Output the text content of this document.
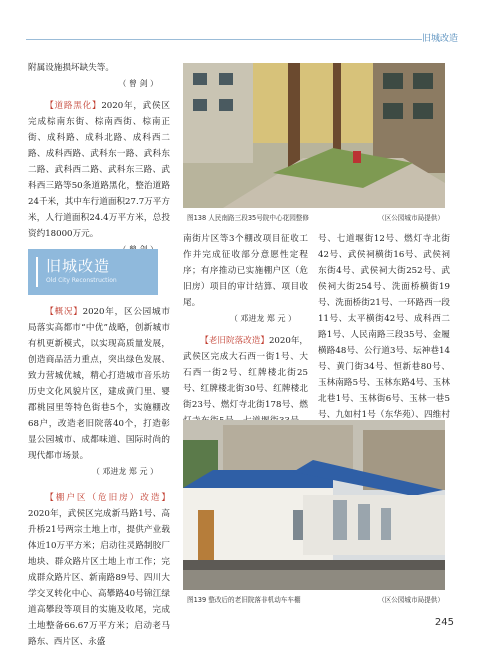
旧城改造

附属设施损坏缺失等。

（ 曾 剑 ）

【道路黑化】2020年，武侯区完成棕南东街、棕南西街、棕南正街、成科路、成科北路、成科西二路、成科西路、武科东一路、武科东二路、武科西二路、武科东三路、武科西三路等50条道路黑化，整治道路24千米，其中车行道面积27.7万平方米，人行道面积24.4万平方米，总投资约18000万元。

旧城改造
Old City Reconstruction

【概况】2020年，区公园城市局落实高都市“中优”战略，创新城市有机更新模式，以实现高质量发展，创造商品活力重点，突出绿色发展、致力营城优城，精心打造城市音乐坊历史文化风貌片区，建成黄门里、婴郡桃园里等特色街巷5个，实施棚改68户，改造老旧院落40个，打造彰显公园城市、成都味道、国际时尚的现代都市场景。

（ 邓进龙 郑 元 ）

【棚户区（危旧房）改造】2020年，武侯区完成新马路1号、高升桥21号两宗土地上市，提供产业载体近10万平方米；启动往灵路制胶厂地块、群众路片区土地上市工作；完成群众路片区、新南路89号、四川大学交叉转化中心、高攀路40号锦江绿道高攀段等项目的实施及收尾，完成土地整备66.67万平方米；启动老马路东、西片区、永盛

图138 人民南路三段35号院中心花园整修	（区公园城市局提供）

南街片区等3个棚改项目征收工作并完成征收部分意愿性定程序；有序推动已实施棚户区（危旧房）项目的审计结算、项目收尾。

（ 邓进龙 郑 元 ）

【老旧院落改造】2020年，武侯区完成大石西一街1号、大石西一街2号、红牌楼北街25号、红牌楼北街30号、红牌楼北街23号、燃灯寺北街178号、燃

号、七道堰街12号、燃灯寺北街42号、武侯祠横街16号、武侯祠东街4号、武侯祠大街252号、武侯祠大街254号、洗面桥横街19号、洗面桥街21号、一环路西一段11号、太平横街42号、成科西二路1号、人民南路三段35号、金履横路48号、公行道3号、坛神巷14号、黄门街34号、恒新巷80号、玉林南路5号、玉林东路4号、玉林北巷1号、玉林街6号、玉林一巷5号、九如村1号（东华苑）、四维村

图139 整改后的老旧院落非机动车车棚	（区公园城市局提供）
245
